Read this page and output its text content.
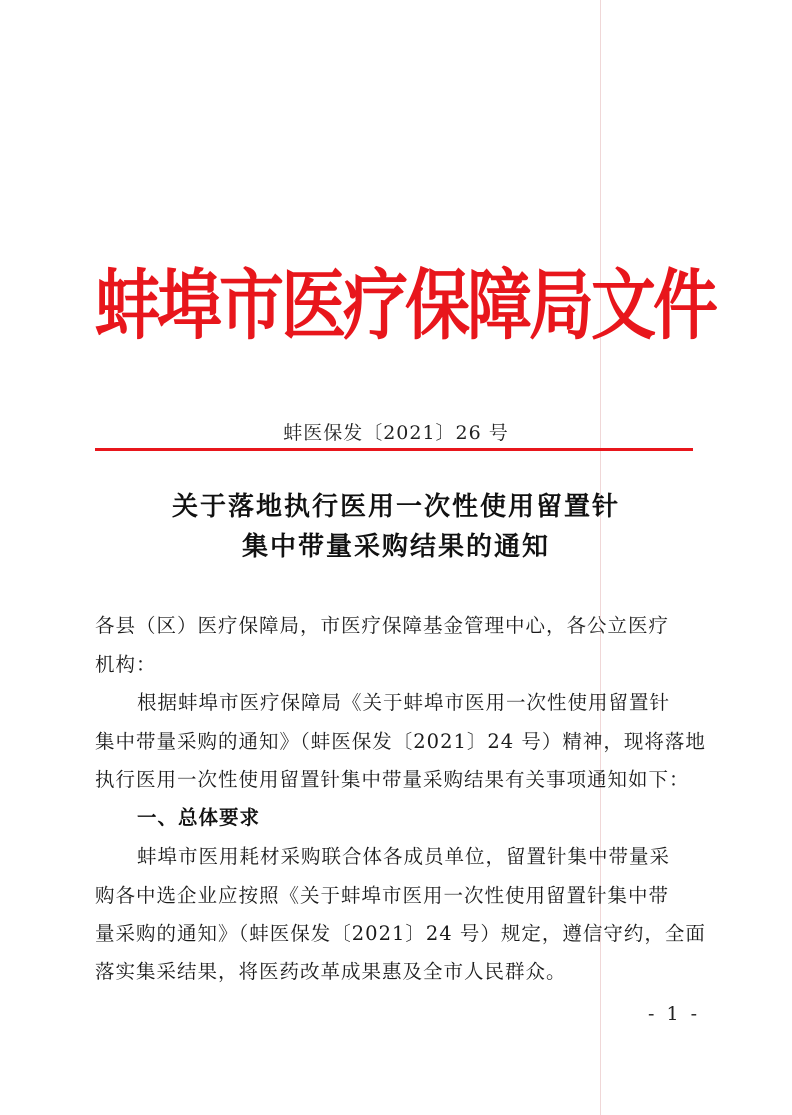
蚌埠市医疗保障局文件
蚌医保发〔2021〕26 号
关于落地执行医用一次性使用留置针
集中带量采购结果的通知
各县（区）医疗保障局，市医疗保障基金管理中心，各公立医疗
机构：
根据蚌埠市医疗保障局《关于蚌埠市医用一次性使用留置针
集中带量采购的通知》（蚌医保发〔2021〕24 号）精神，现将落地
执行医用一次性使用留置针集中带量采购结果有关事项通知如下：
一、总体要求
蚌埠市医用耗材采购联合体各成员单位，留置针集中带量采
购各中选企业应按照《关于蚌埠市医用一次性使用留置针集中带
量采购的通知》（蚌医保发〔2021〕24 号）规定，遵信守约，全面
落实集采结果，将医药改革成果惠及全市人民群众。
- 1 -
